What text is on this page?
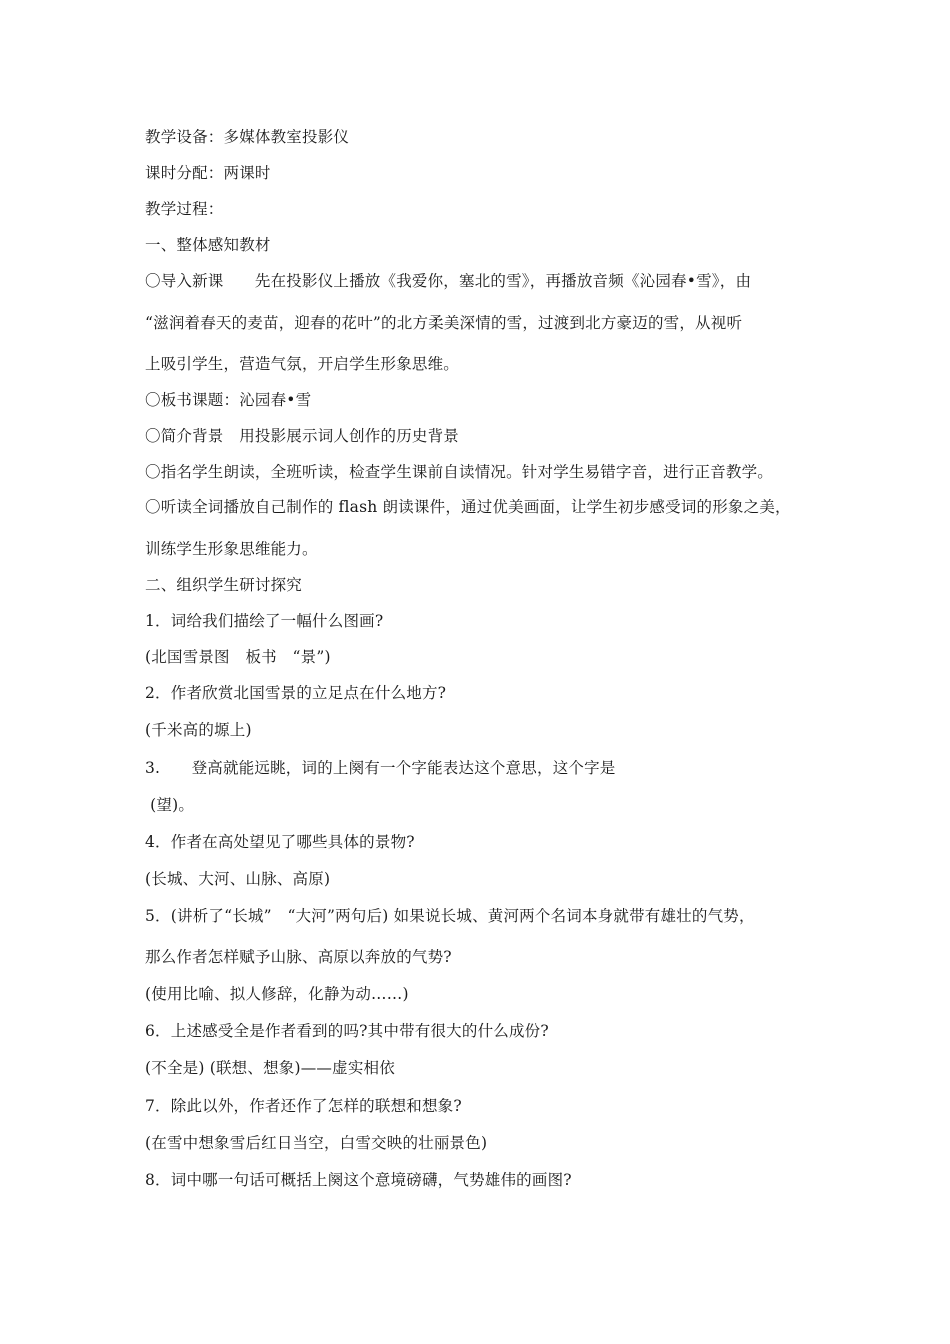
教学设备：多媒体教室投影仪
课时分配：两课时
教学过程：
一、整体感知教材
〇导入新课　　先在投影仪上播放《我爱你，塞北的雪》，再播放音频《沁园春•雪》，由
“滋润着春天的麦苗，迎春的花叶”的北方柔美深情的雪，过渡到北方豪迈的雪，从视听
上吸引学生，营造气氛，开启学生形象思维。
〇板书课题：沁园春•雪
〇简介背景　用投影展示词人创作的历史背景
〇指名学生朗读，全班听读，检查学生课前自读情况。针对学生易错字音，进行正音教学。
〇听读全词播放自己制作的 flash 朗读课件，通过优美画面，让学生初步感受词的形象之美，
训练学生形象思维能力。
二、组织学生研讨探究
1．词给我们描绘了一幅什么图画?
(北国雪景图　板书　“景”)
2．作者欣赏北国雪景的立足点在什么地方?
(千米高的塬上)
3.　　登高就能远眺，词的上阕有一个字能表达这个意思，这个字是
(望)。
4．作者在高处望见了哪些具体的景物?
(长城、大河、山脉、高原)
5．(讲析了“长城”　“大河”两句后) 如果说长城、黄河两个名词本身就带有雄壮的气势，
那么作者怎样赋予山脉、高原以奔放的气势?
(使用比喻、拟人修辞，化静为动……)
6．上述感受全是作者看到的吗?其中带有很大的什么成份?
(不全是) (联想、想象)——虚实相依
7．除此以外，作者还作了怎样的联想和想象?
(在雪中想象雪后红日当空，白雪交映的壮丽景色)
8．词中哪一句话可概括上阕这个意境磅礴，气势雄伟的画图?
